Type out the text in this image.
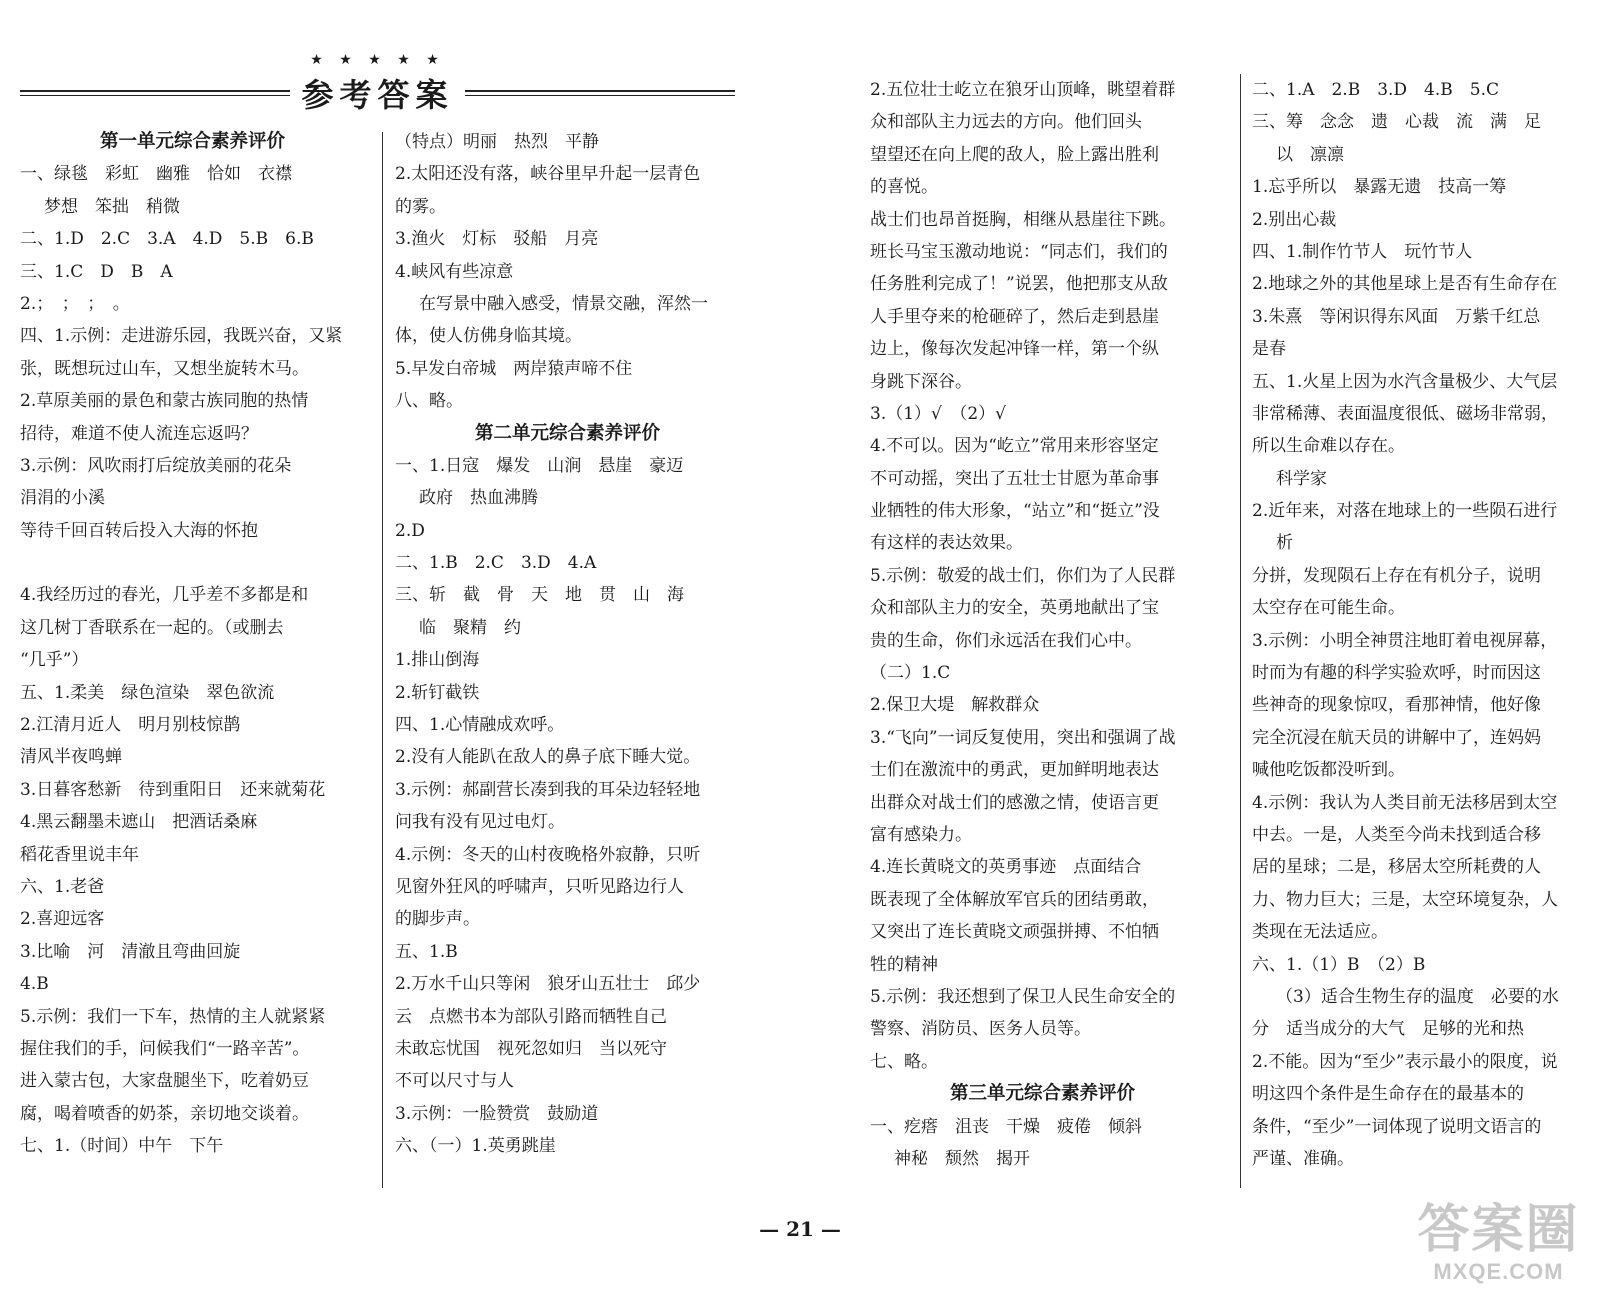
★ ★ ★ ★ ★
参考答案
第一单元综合素养评价
一、绿毯　彩虹　幽雅　恰如　衣襟
梦想　笨拙　稍微
二、1.D　2.C　3.A　4.D　5.B　6.B
三、1.C　D　B　A
2.；　；　；　。
四、1.示例：走进游乐园，我既兴奋，又紧
张，既想玩过山车，又想坐旋转木马。
2.草原美丽的景色和蒙古族同胞的热情
招待，难道不使人流连忘返吗？
3.示例：风吹雨打后绽放美丽的花朵
涓涓的小溪
等待千回百转后投入大海的怀抱
4.我经历过的春光，几乎差不多都是和
这几树丁香联系在一起的。（或删去
“几乎”）
五、1.柔美　绿色渲染　翠色欲流
2.江清月近人　明月别枝惊鹊
清风半夜鸣蝉
3.日暮客愁新　待到重阳日　还来就菊花
4.黑云翻墨未遮山　把酒话桑麻
稻花香里说丰年
六、1.老爸
2.喜迎远客
3.比喻　河　清澈且弯曲回旋
4.B
5.示例：我们一下车，热情的主人就紧紧
握住我们的手，问候我们“一路辛苦”。
进入蒙古包，大家盘腿坐下，吃着奶豆
腐，喝着喷香的奶茶，亲切地交谈着。
七、1.（时间）中午　下午
（特点）明丽　热烈　平静
2.太阳还没有落，峡谷里早升起一层青色
的雾。
3.渔火　灯标　驳船　月亮
4.峡风有些凉意
在写景中融入感受，情景交融，浑然一
体，使人仿佛身临其境。
5.早发白帝城　两岸猿声啼不住
八、略。
第二单元综合素养评价
一、1.日寇　爆发　山涧　悬崖　豪迈
政府　热血沸腾
2.D
二、1.B　2.C　3.D　4.A
三、斩　截　骨　天　地　贯　山　海
临　聚精　约
1.排山倒海
2.斩钉截铁
四、1.心情融成欢呼。
2.没有人能趴在敌人的鼻子底下睡大觉。
3.示例：郝副营长凑到我的耳朵边轻轻地
问我有没有见过电灯。
4.示例：冬天的山村夜晚格外寂静，只听
见窗外狂风的呼啸声，只听见路边行人
的脚步声。
五、1.B
2.万水千山只等闲　狼牙山五壮士　邱少
云　点燃书本为部队引路而牺牲自己
未敢忘忧国　视死忽如归　当以死守
不可以尺寸与人
3.示例：一脸赞赏　鼓励道
六、（一）1.英勇跳崖
2.五位壮士屹立在狼牙山顶峰，眺望着群
众和部队主力远去的方向。他们回头
望望还在向上爬的敌人，脸上露出胜利
的喜悦。
战士们也昂首挺胸，相继从悬崖往下跳。
班长马宝玉激动地说：“同志们，我们的
任务胜利完成了！”说罢，他把那支从敌
人手里夺来的枪砸碎了，然后走到悬崖
边上，像每次发起冲锋一样，第一个纵
身跳下深谷。
3.（1）√　（2）√
4.不可以。因为“屹立”常用来形容坚定
不可动摇，突出了五壮士甘愿为革命事
业牺牲的伟大形象，“站立”和“挺立”没
有这样的表达效果。
5.示例：敬爱的战士们，你们为了人民群
众和部队主力的安全，英勇地献出了宝
贵的生命，你们永远活在我们心中。
（二）1.C
2.保卫大堤　解救群众
3.“飞向”一词反复使用，突出和强调了战
士们在激流中的勇武，更加鲜明地表达
出群众对战士们的感激之情，使语言更
富有感染力。
4.连长黄晓文的英勇事迹　点面结合
既表现了全体解放军官兵的团结勇敢，
又突出了连长黄晓文顽强拼搏、不怕牺
牲的精神
5.示例：我还想到了保卫人民生命安全的
警察、消防员、医务人员等。
七、略。
第三单元综合素养评价
一、疙瘩　沮丧　干燥　疲倦　倾斜
神秘　颓然　揭开
二、1.A　2.B　3.D　4.B　5.C
三、筹　念念　遗　心裁　流　满　足
以　凛凛
1.忘乎所以　暴露无遗　技高一筹
2.别出心裁
四、1.制作竹节人　玩竹节人
2.地球之外的其他星球上是否有生命存在
3.朱熹　等闲识得东风面　万紫千红总
是春
五、1.火星上因为水汽含量极少、大气层
非常稀薄、表面温度很低、磁场非常弱，
所以生命难以存在。
科学家
2.近年来，对落在地球上的一些陨石进行
析
分拼，发现陨石上存在有机分子，说明
太空存在可能生命。
3.示例：小明全神贯注地盯着电视屏幕，
时而为有趣的科学实验欢呼，时而因这
些神奇的现象惊叹，看那神情，他好像
完全沉浸在航天员的讲解中了，连妈妈
喊他吃饭都没听到。
4.示例：我认为人类目前无法移居到太空
中去。一是，人类至今尚未找到适合移
居的星球；二是，移居太空所耗费的人
力、物力巨大；三是，太空环境复杂，人
类现在无法适应。
六、1.（1）B　（2）B
（3）适合生物生存的温度　必要的水
分　适当成分的大气　足够的光和热
2.不能。因为“至少”表示最小的限度，说
明这四个条件是生命存在的最基本的
条件，“至少”一词体现了说明文语言的
严谨、准确。
— 21 —	答案圈
MXQE.COM
